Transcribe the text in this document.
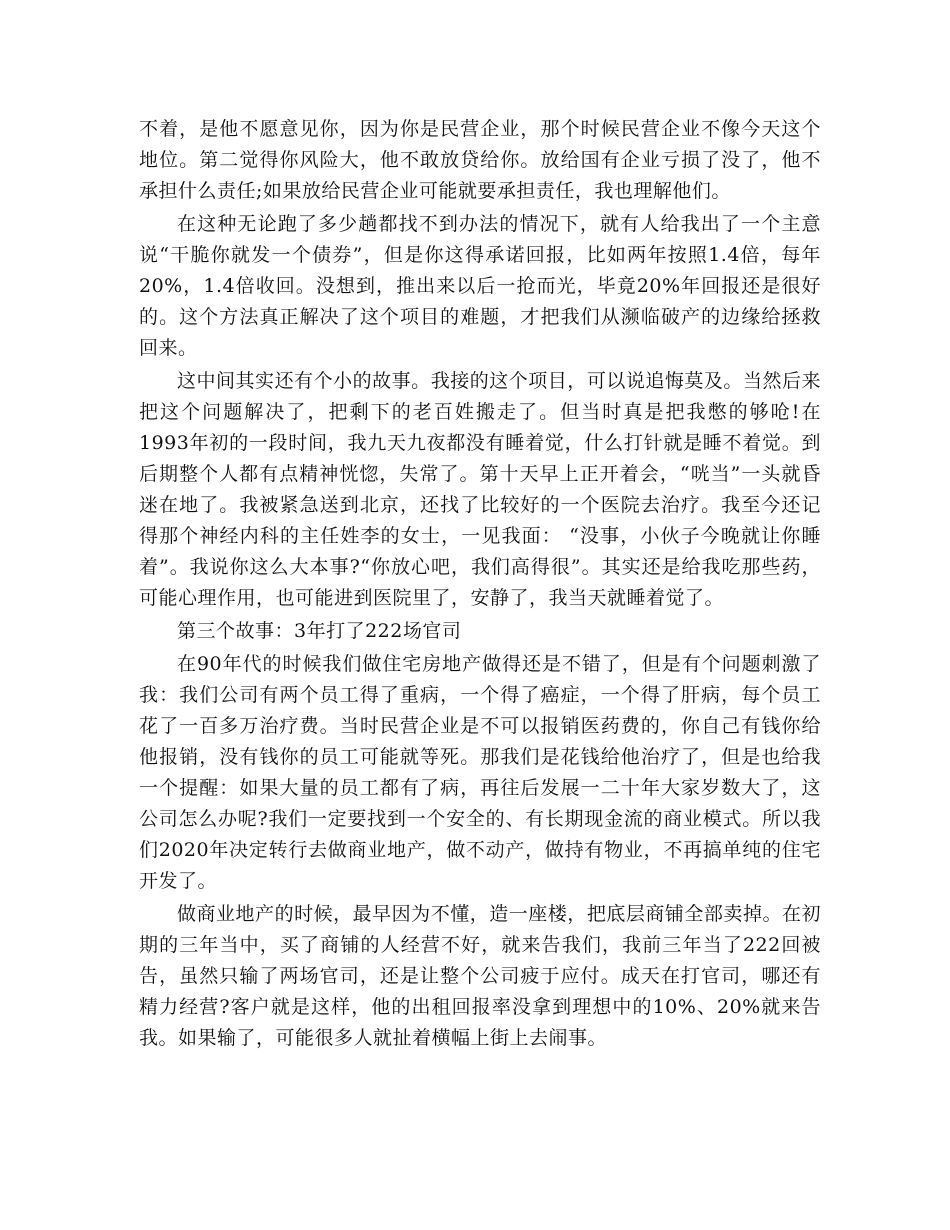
不着，是他不愿意见你，因为你是民营企业，那个时候民营企业不像今天这个地位。第二觉得你风险大，他不敢放贷给你。放给国有企业亏损了没了，他不承担什么责任;如果放给民营企业可能就要承担责任，我也理解他们。

在这种无论跑了多少趟都找不到办法的情况下，就有人给我出了一个主意说“干脆你就发一个债券”，但是你这得承诺回报，比如两年按照1.4倍，每年20%，1.4倍收回。没想到，推出来以后一抢而光，毕竟20%年回报还是很好的。这个方法真正解决了这个项目的难题，才把我们从濒临破产的边缘给拯救回来。

这中间其实还有个小的故事。我接的这个项目，可以说追悔莫及。当然后来把这个问题解决了，把剩下的老百姓搬走了。但当时真是把我憋的够呛!在1993年初的一段时间，我九天九夜都没有睡着觉，什么打针就是睡不着觉。到后期整个人都有点精神恍惚，失常了。第十天早上正开着会，“咣当”一头就昏迷在地了。我被紧急送到北京，还找了比较好的一个医院去治疗。我至今还记得那个神经内科的主任姓李的女士，一见我面： “没事，小伙子今晚就让你睡着”。我说你这么大本事?“你放心吧，我们高得很”。其实还是给我吃那些药，可能心理作用，也可能进到医院里了，安静了，我当天就睡着觉了。

第三个故事：3年打了222场官司

在90年代的时候我们做住宅房地产做得还是不错了，但是有个问题刺激了我：我们公司有两个员工得了重病，一个得了癌症，一个得了肝病，每个员工花了一百多万治疗费。当时民营企业是不可以报销医药费的，你自己有钱你给他报销，没有钱你的员工可能就等死。那我们是花钱给他治疗了，但是也给我一个提醒：如果大量的员工都有了病，再往后发展一二十年大家岁数大了，这公司怎么办呢?我们一定要找到一个安全的、有长期现金流的商业模式。所以我们2020年决定转行去做商业地产，做不动产，做持有物业，不再搞单纯的住宅开发了。

做商业地产的时候，最早因为不懂，造一座楼，把底层商铺全部卖掉。在初期的三年当中，买了商铺的人经营不好，就来告我们，我前三年当了222回被告，虽然只输了两场官司，还是让整个公司疲于应付。成天在打官司，哪还有精力经营?客户就是这样，他的出租回报率没拿到理想中的10%、20%就来告我。如果输了，可能很多人就扯着横幅上街上去闹事。
